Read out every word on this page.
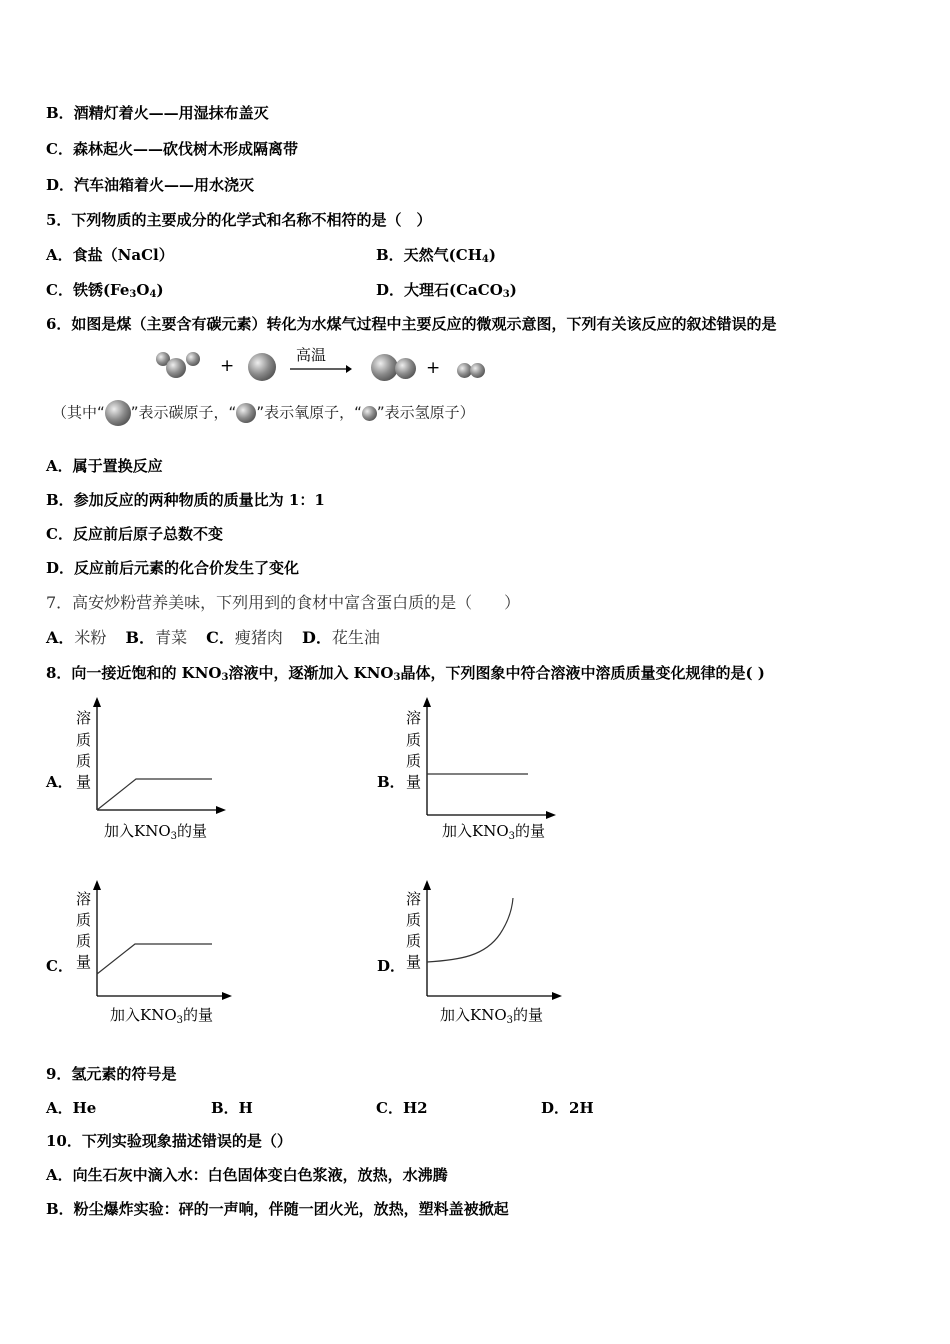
B．酒精灯着火——用湿抹布盖灭
C．森林起火——砍伐树木形成隔离带
D．汽车油箱着火——用水浇灭
5．下列物质的主要成分的化学式和名称不相符的是（　）
A．食盐（NaCl）	B．天然气$(CH_4)$
C．铁锈$(Fe_3O_4)$	D．大理石(CaCO$_3$)
6．如图是煤（主要含有碳元素）转化为水煤气过程中主要反应的微观示意图，下列有关该反应的叙述错误的是
+
高温
+
（其中“ ”表示碳原子，“ ”表示氧原子，“ ”表示氢原子）
A．属于置换反应
B．参加反应的两种物质的质量比为 1：1
C．反应前后原子总数不变
D．反应前后元素的化合价发生了变化
7．高安炒粉营养美味，下列用到的食材中富含蛋白质的是（　　）
A．米粉 B．青菜 C．瘦猪肉 D．花生油
8．向一接近饱和的 $KNO_3$溶液中，逐渐加入 $KNO_3$晶体，下列图象中符合溶液中溶质质量变化规律的是( )
A．	B．
C．	D．
溶
质
质
量
加入$KNO_3$的量
溶
质
质
量
加入$KNO_3$的量
溶
质
质
量
加入$KNO_3$的量
溶
质
质
量
加入$KNO_3$的量
9．氢元素的符号是
A．He	B．H	C．H2	D．2H
10．下列实验现象描述错误的是（）
A．向生石灰中滴入水：白色固体变白色浆液，放热，水沸腾
B．粉尘爆炸实验：砰的一声响，伴随一团火光，放热，塑料盖被掀起
